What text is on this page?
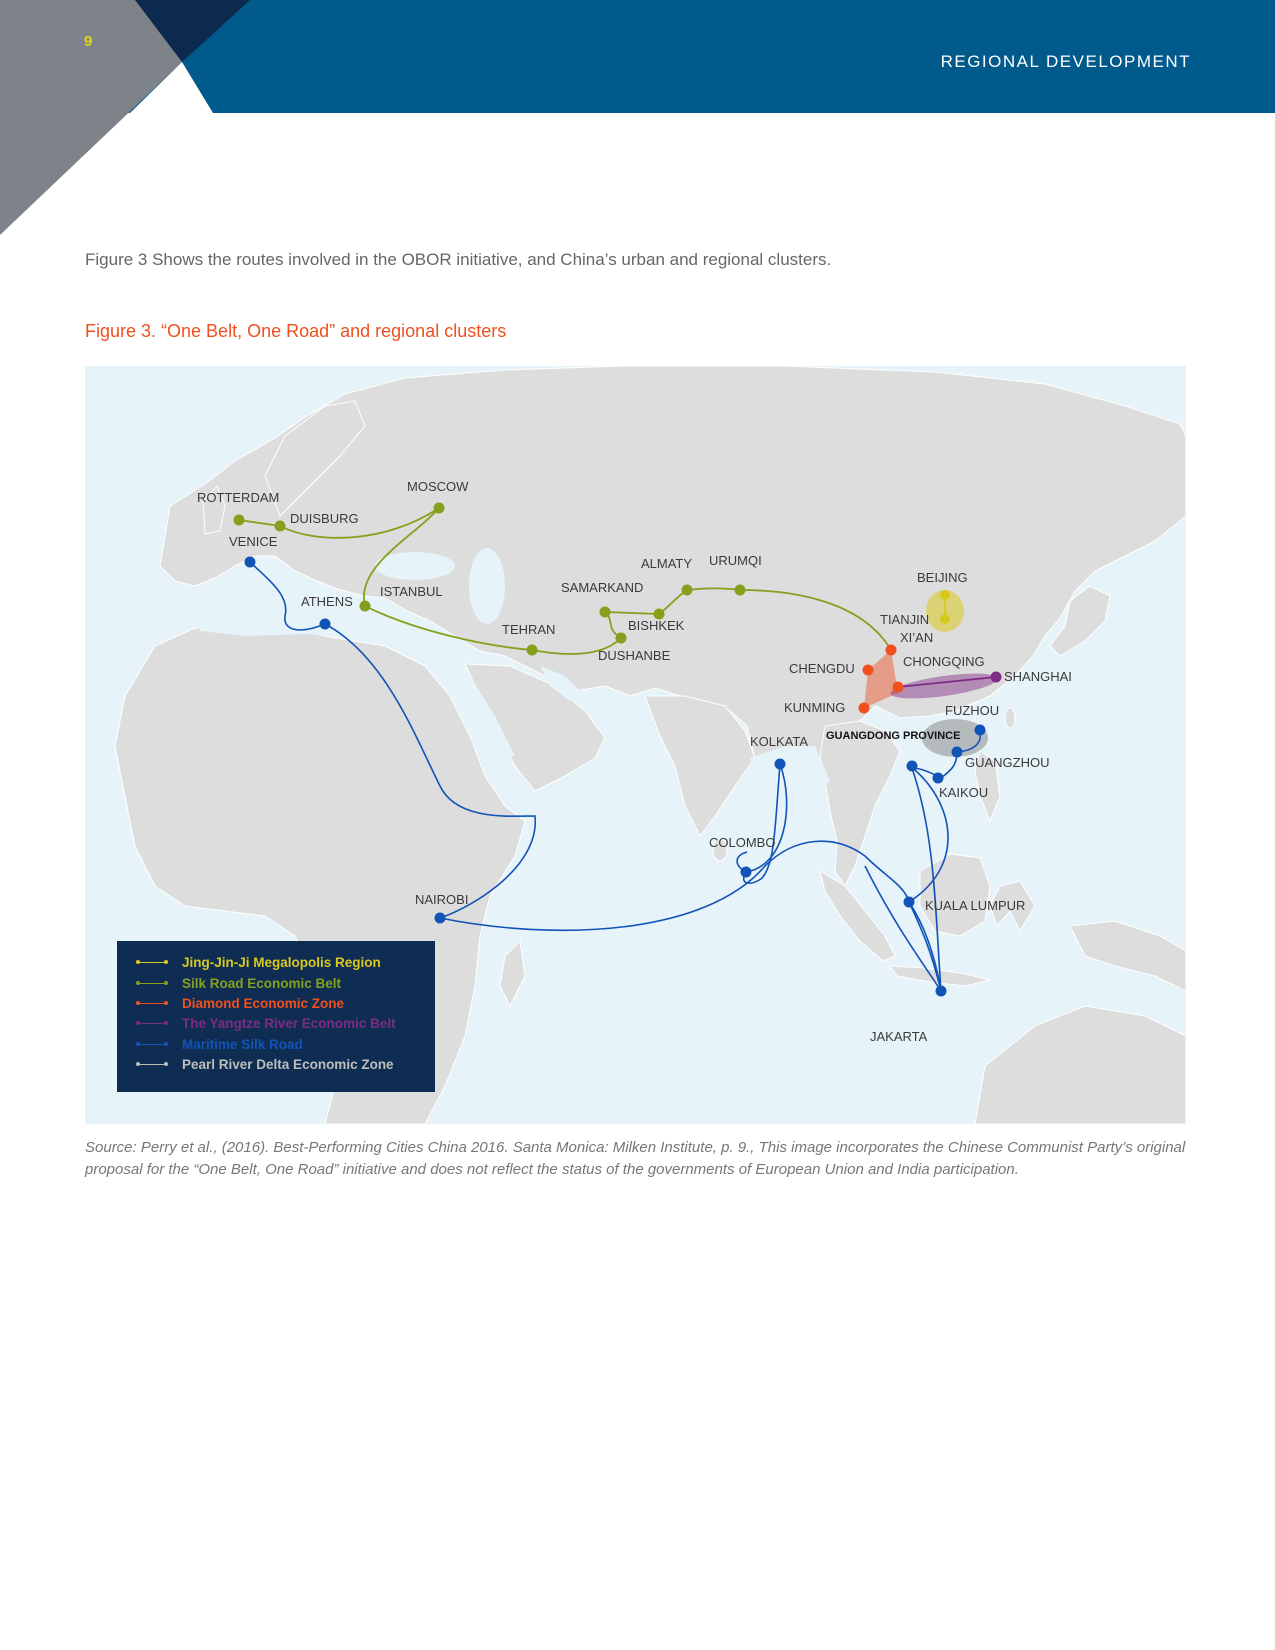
9
REGIONAL DEVELOPMENT
Figure 3 Shows the routes involved in the OBOR initiative, and China’s urban and regional clusters.
Figure 3. “One Belt, One Road” and regional clusters
ROTTERDAM
DUISBURG
MOSCOW
VENICE
ATHENS
ISTANBUL
TEHRAN
SAMARKAND
BISHKEK
DUSHANBE
ALMATY URUMQI
BEIJING
TIANJIN
XI’AN
CHENGDU	CHONGQING
SHANGHAI
KUNMING	FUZHOU
GUANGDONG PROVINCE
GUANGZHOU
KAIKOU
KOLKATA
COLOMBO
NAIROBI	KUALA LUMPUR
JAKARTA
Jing-Jin-Ji Megalopolis Region
Silk Road Economic Belt
Diamond Economic Zone
The Yangtze River Economic Belt
Maritime Silk Road
Pearl River Delta Economic Zone
Source: Perry et al., (2016). Best-Performing Cities China 2016. Santa Monica: Milken Institute, p. 9., This image incorporates the Chinese Communist Party’s original proposal for the “One Belt, One Road” initiative and does not reflect the status of the governments of European Union and India participation.
